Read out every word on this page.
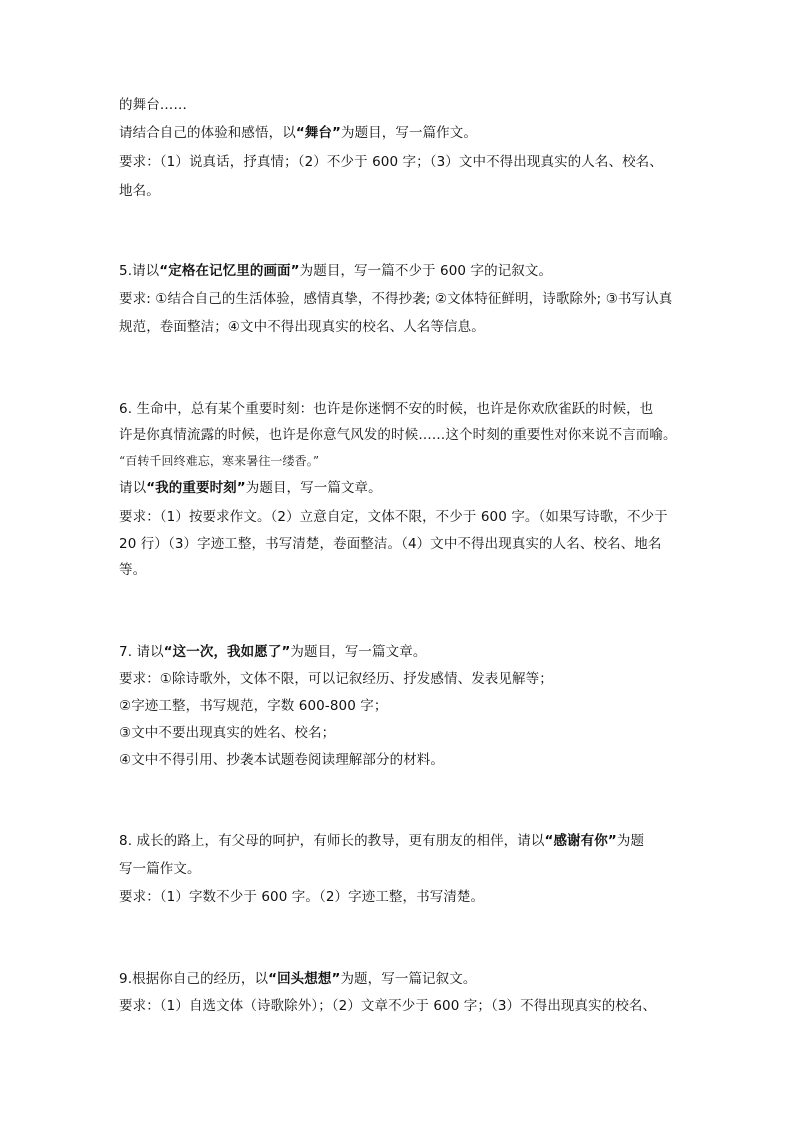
的舞台……
请结合自己的体验和感悟，以“舞台”为题目，写一篇作文。
要求：（1）说真话，抒真情；（2）不少于 600 字；（3）文中不得出现真实的人名、校名、
地名。
5.请以“定格在记忆里的画面”为题目，写一篇不少于 600 字的记叙文。
要求: ①结合自己的生活体验，感情真挚，不得抄袭; ②文体特征鲜明，诗歌除外; ③书写认真
规范，卷面整洁；④文中不得出现真实的校名、人名等信息。
6. 生命中，总有某个重要时刻：也许是你迷惘不安的时候，也许是你欢欣雀跃的时候，也
许是你真情流露的时候，也许是你意气风发的时候……这个时刻的重要性对你来说不言而喻。
“百转千回终难忘，寒来暑往一缕香。”
请以“我的重要时刻”为题目，写一篇文章。
要求：（1）按要求作文。（2）立意自定，文体不限，不少于 600 字。（如果写诗歌，不少于
20 行）（3）字迹工整，书写清楚，卷面整洁。（4）文中不得出现真实的人名、校名、地名
等。
7. 请以“这一次，我如愿了”为题目，写一篇文章。
要求：①除诗歌外，文体不限，可以记叙经历、抒发感情、发表见解等；
②字迹工整，书写规范，字数 600-800 字；
③文中不要出现真实的姓名、校名；
④文中不得引用、抄袭本试题卷阅读理解部分的材料。
8. 成长的路上，有父母的呵护，有师长的教导，更有朋友的相伴，请以“感谢有你”为题
写一篇作文。
要求：（1）字数不少于 600 字。（2）字迹工整，书写清楚。
9.根据你自己的经历，以“回头想想”为题，写一篇记叙文。
要求：（1）自选文体（诗歌除外）；（2）文章不少于 600 字；（3）不得出现真实的校名、
